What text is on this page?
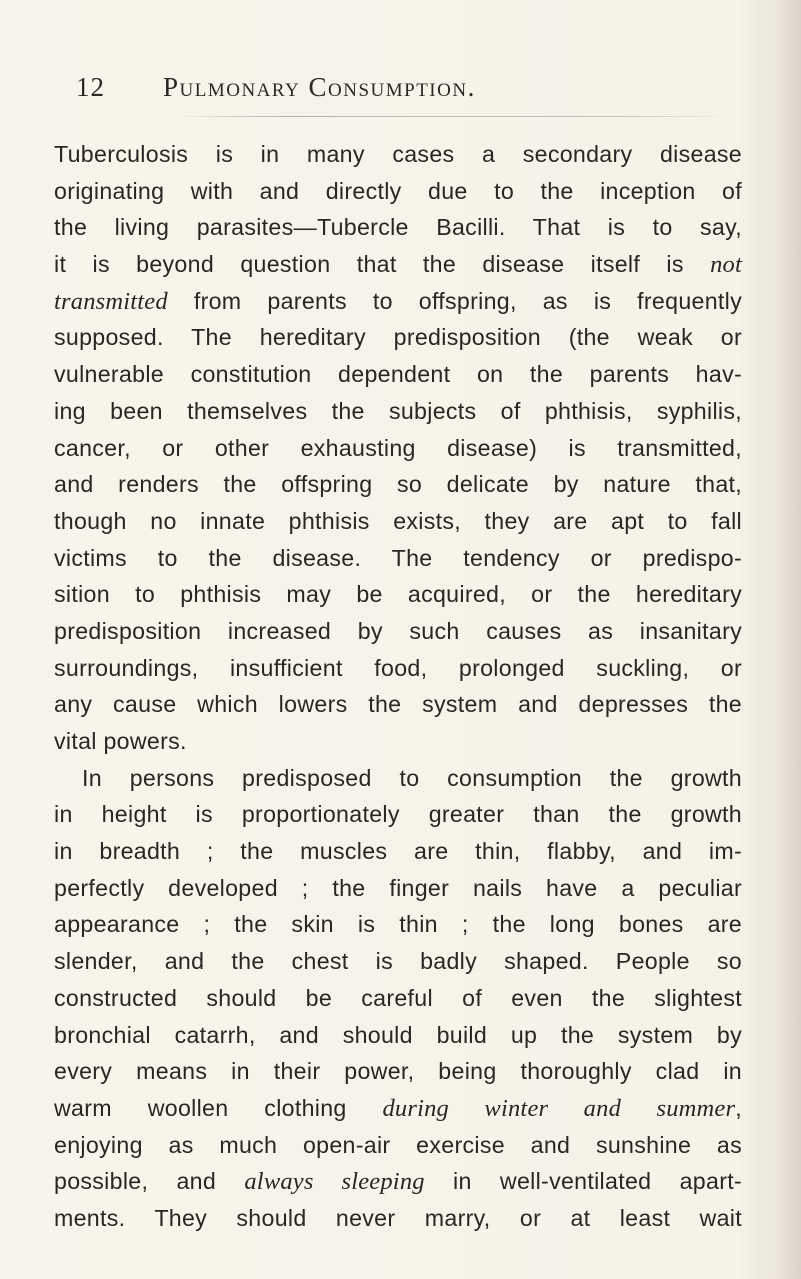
12 Pulmonary Consumption.
Tuberculosis is in many cases a secondary disease
originating with and directly due to the inception of
the living parasites—Tubercle Bacilli. That is to say,
it is beyond question that the disease itself is not
transmitted from parents to offspring, as is frequently
supposed. The hereditary predisposition (the weak or
vulnerable constitution dependent on the parents hav-
ing been themselves the subjects of phthisis, syphilis,
cancer, or other exhausting disease) is transmitted,
and renders the offspring so delicate by nature that,
though no innate phthisis exists, they are apt to fall
victims to the disease. The tendency or predispo-
sition to phthisis may be acquired, or the hereditary
predisposition increased by such causes as insanitary
surroundings, insufficient food, prolonged suckling, or
any cause which lowers the system and depresses the
vital powers.
In persons predisposed to consumption the growth
in height is proportionately greater than the growth
in breadth ; the muscles are thin, flabby, and im-
perfectly developed ; the finger nails have a peculiar
appearance ; the skin is thin ; the long bones are
slender, and the chest is badly shaped. People so
constructed should be careful of even the slightest
bronchial catarrh, and should build up the system by
every means in their power, being thoroughly clad in
warm woollen clothing during winter and summer,
enjoying as much open-air exercise and sunshine as
possible, and always sleeping in well-ventilated apart-
ments. They should never marry, or at least wait
